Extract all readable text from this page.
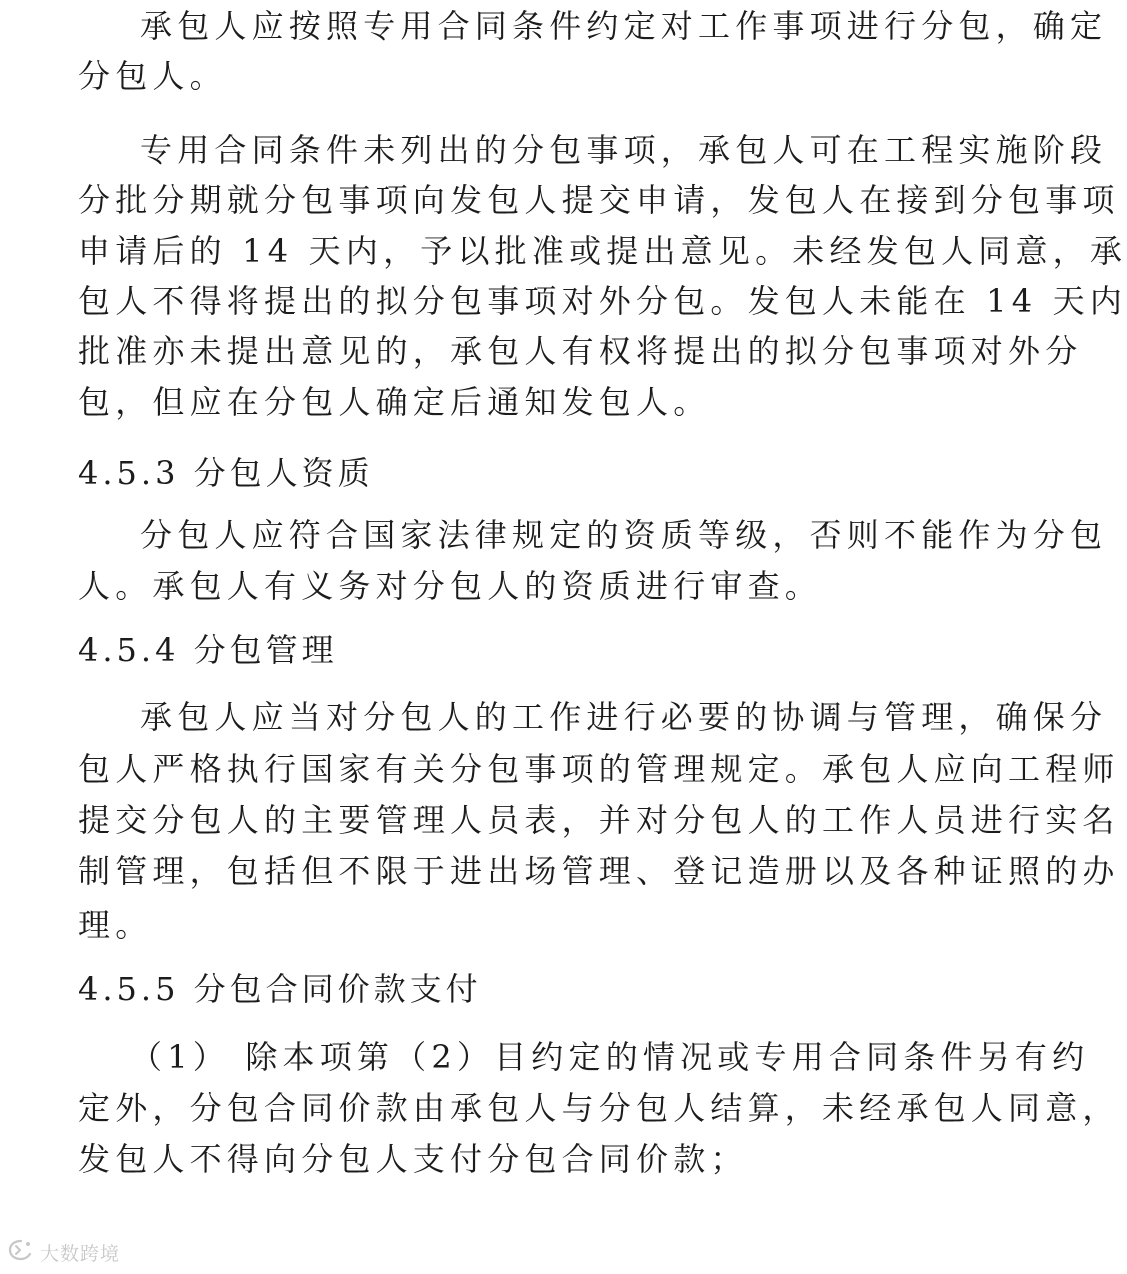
承包人应按照专用合同条件约定对工作事项进行分包，确定
分包人。
专用合同条件未列出的分包事项，承包人可在工程实施阶段
分批分期就分包事项向发包人提交申请，发包人在接到分包事项
申请后的 14 天内，予以批准或提出意见。未经发包人同意，承
包人不得将提出的拟分包事项对外分包。发包人未能在 14 天内
批准亦未提出意见的，承包人有权将提出的拟分包事项对外分
包，但应在分包人确定后通知发包人。
4.5.3 分包人资质
分包人应符合国家法律规定的资质等级，否则不能作为分包
人。承包人有义务对分包人的资质进行审查。
4.5.4 分包管理
承包人应当对分包人的工作进行必要的协调与管理，确保分
包人严格执行国家有关分包事项的管理规定。承包人应向工程师
提交分包人的主要管理人员表，并对分包人的工作人员进行实名
制管理，包括但不限于进出场管理、登记造册以及各种证照的办
理。
4.5.5 分包合同价款支付
（1） 除本项第（2）目约定的情况或专用合同条件另有约
定外，分包合同价款由承包人与分包人结算，未经承包人同意，
发包人不得向分包人支付分包合同价款；
大数跨境
